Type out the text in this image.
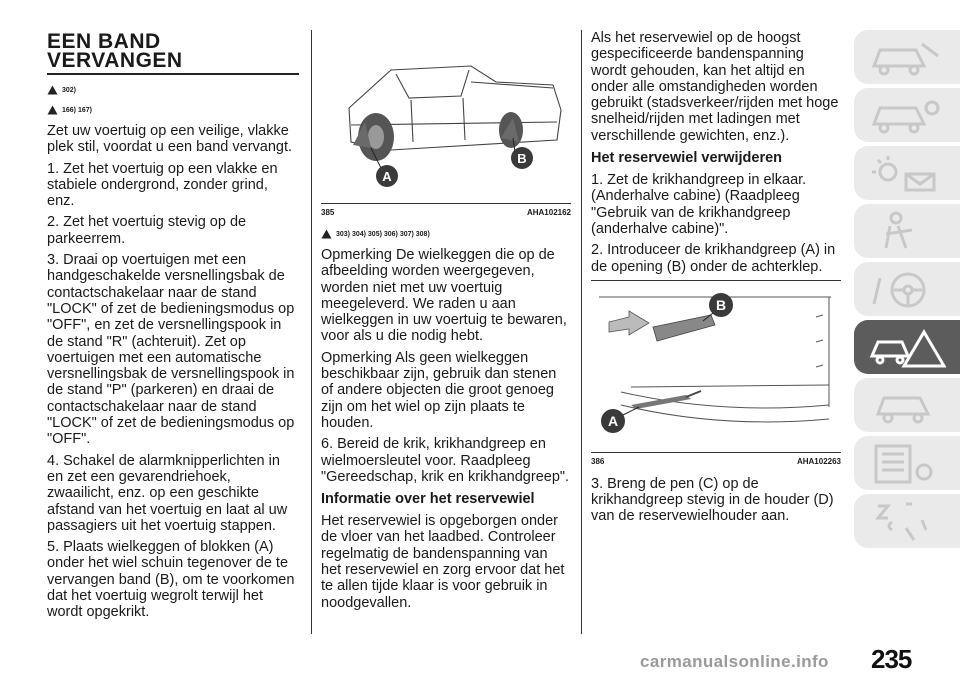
EEN BAND VERVANGEN
302)
166) 167)

Zet uw voertuig op een veilige, vlakke plek stil, voordat u een band vervangt.

1. Zet het voertuig op een vlakke en stabiele ondergrond, zonder grind, enz.

2. Zet het voertuig stevig op de parkeerrem.

3. Draai op voertuigen met een handgeschakelde versnellingsbak de contactschakelaar naar de stand "LOCK" of zet de bedieningsmodus op "OFF", en zet de versnellingspook in de stand "R" (achteruit). Zet op voertuigen met een automatische versnellingsbak de versnellingspook in de stand "P" (parkeren) en draai de contactschakelaar naar de stand "LOCK" of zet de bedieningsmodus op "OFF".

4. Schakel de alarmknipperlichten in en zet een gevarendriehoek, zwaailicht, enz. op een geschikte afstand van het voertuig en laat al uw passagiers uit het voertuig stappen.

5. Plaats wielkeggen of blokken (A) onder het wiel schuin tegenover de te vervangen band (B), om te voorkomen dat het voertuig wegrolt terwijl het wordt opgekrikt.

A
B
385	AHA102162
303) 304) 305) 306) 307) 308)

Opmerking De wielkeggen die op de afbeelding worden weergegeven, worden niet met uw voertuig meegeleverd. We raden u aan wielkeggen in uw voertuig te bewaren, voor als u die nodig hebt.

Opmerking Als geen wielkeggen beschikbaar zijn, gebruik dan stenen of andere objecten die groot genoeg zijn om het wiel op zijn plaats te houden.

6. Bereid de krik, krikhandgreep en wielmoersleutel voor. Raadpleeg "Gereedschap, krik en krikhandgreep".

Informatie over het reservewiel

Het reservewiel is opgeborgen onder de vloer van het laadbed. Controleer regelmatig de bandenspanning van het reservewiel en zorg ervoor dat het te allen tijde klaar is voor gebruik in noodgevallen.

Als het reservewiel op de hoogst gespecificeerde bandenspanning wordt gehouden, kan het altijd en onder alle omstandigheden worden gebruikt (stadsverkeer/rijden met hoge snelheid/rijden met ladingen met verschillende gewichten, enz.).

Het reservewiel verwijderen

1. Zet de krikhandgreep in elkaar. (Anderhalve cabine) (Raadpleeg "Gebruik van de krikhandgreep (anderhalve cabine)".

2. Introduceer de krikhandgreep (A) in de opening (B) onder de achterklep.

B
A
386	AHA102263

3. Breng de pen (C) op de krikhandgreep stevig in de houder (D) van de reservewielhouder aan.

235
carmanualsonline.info
